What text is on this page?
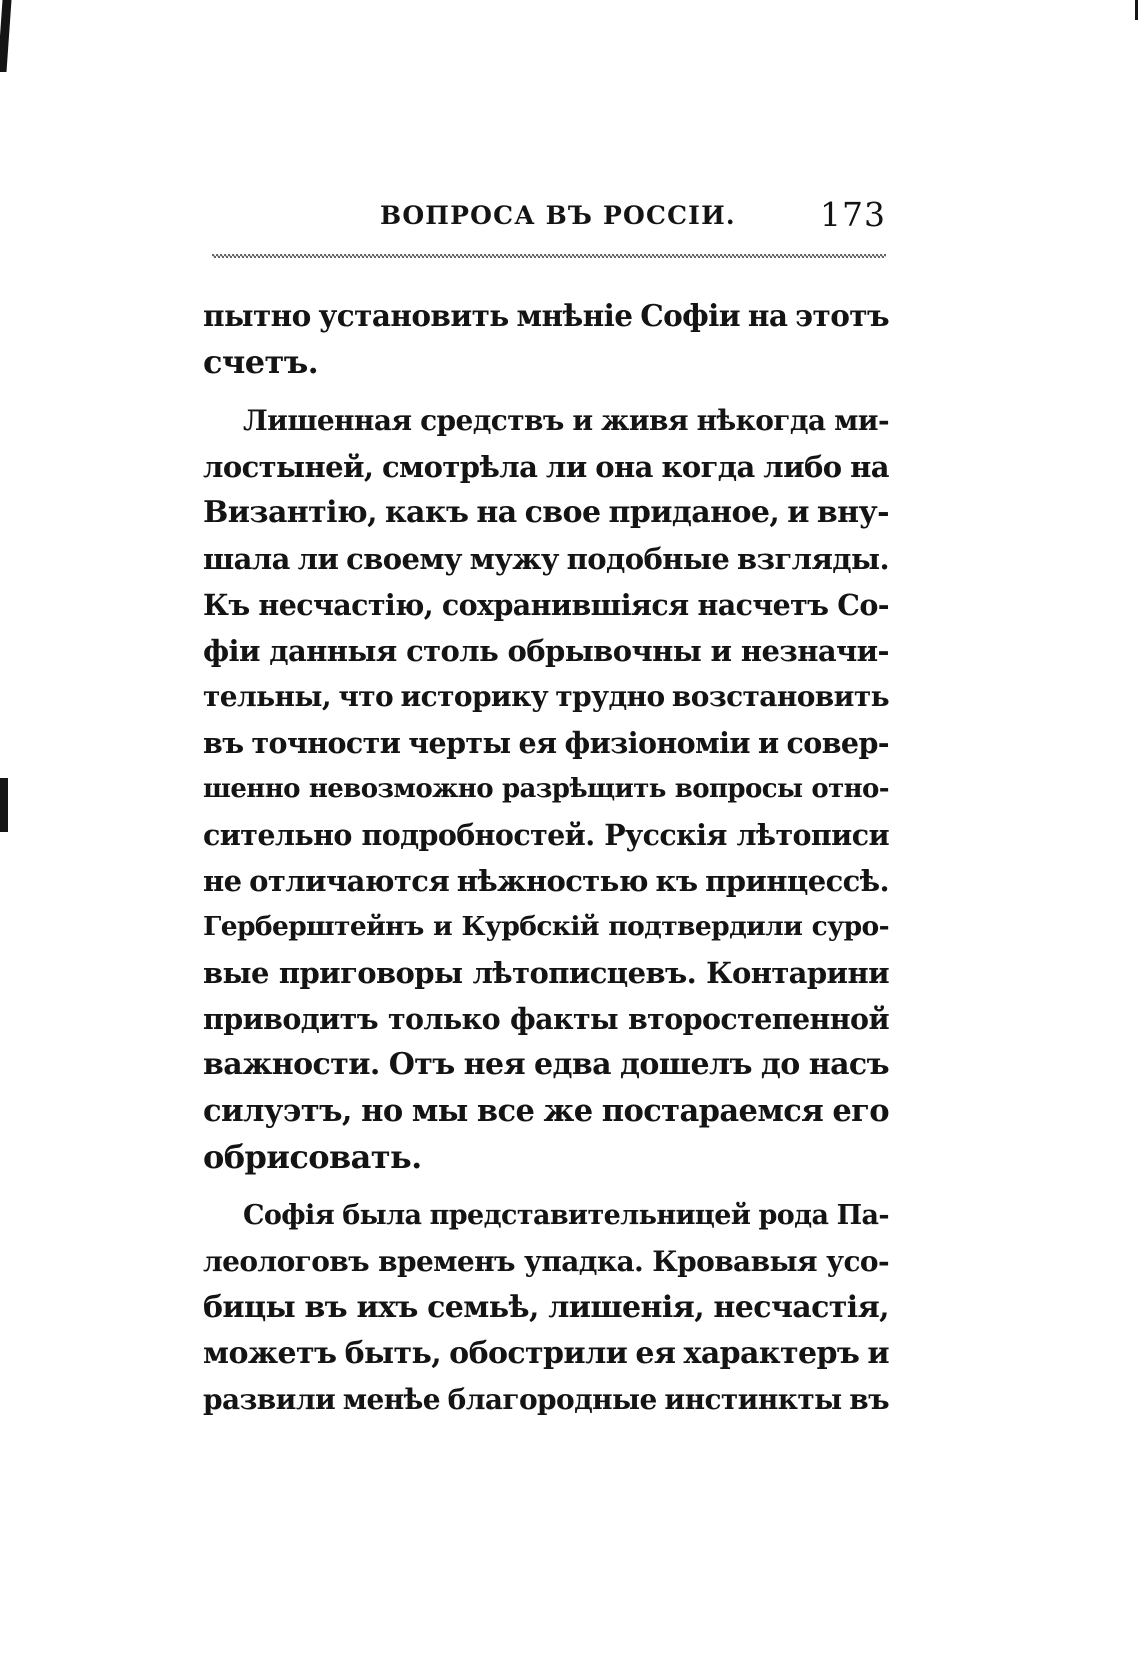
ВОПРОСА ВЪ РОССІИ.	173
пытно установить мнѣніе Софіи на этотъ
счетъ.
Лишенная средствъ и живя нѣкогда ми-
лостыней, смотрѣла ли она когда либо на
Византію, какъ на свое приданое, и вну-
шала ли своему мужу подобные взгляды.
Къ несчастію, сохранившіяся насчетъ Со-
фіи данныя столь обрывочны и незначи-
тельны, что историку трудно возстановить
въ точности черты ея физіономіи и совер-
шенно невозможно разрѣщить вопросы отно-
сительно подробностей. Русскія лѣтописи
не отличаются нѣжностью къ принцессѣ.
Герберштейнъ и Курбскій подтвердили суро-
вые приговоры лѣтописцевъ. Контарини
приводитъ только факты второстепенной
важности. Отъ нея едва дошелъ до насъ
силуэтъ, но мы все же постараемся его
обрисовать.
Софія была представительницей рода Па-
леологовъ временъ упадка. Кровавыя усо-
бицы въ ихъ семьѣ, лишенія, несчастія,
можетъ быть, обострили ея характеръ и
развили менѣе благородные инстинкты въ
